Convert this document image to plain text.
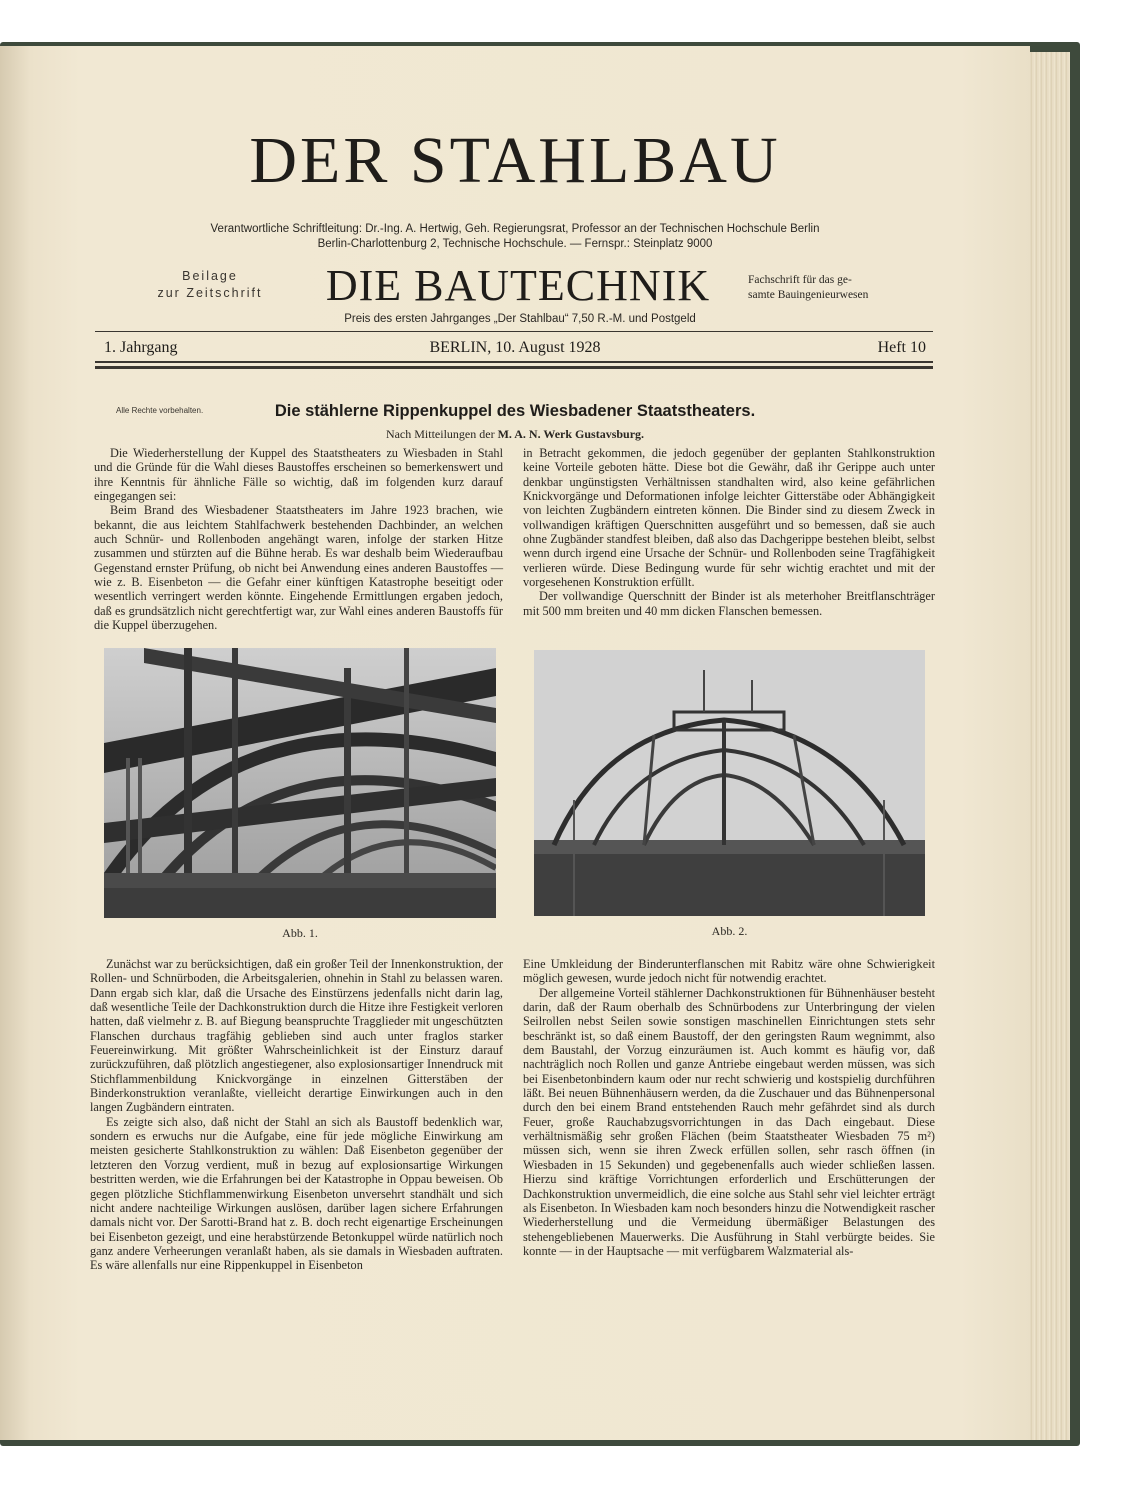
DER STAHLBAU
Verantwortliche Schriftleitung: Dr.-Ing. A. Hertwig, Geh. Regierungsrat, Professor an der Technischen Hochschule Berlin
Berlin-Charlottenburg 2, Technische Hochschule. — Fernspr.: Steinplatz 9000
Beilage
zur Zeitschrift	DIE BAUTECHNIK	Fachschrift für das ge-
samte Bauingenieurwesen
Preis des ersten Jahrganges „Der Stahlbau“ 7,50 R.-M. und Postgeld
1. Jahrgang	BERLIN, 10. August 1928	Heft 10
Alle Rechte vorbehalten.	Die stählerne Rippenkuppel des Wiesbadener Staatstheaters.
Nach Mitteilungen der M. A. N. Werk Gustavsburg.

Die Wiederherstellung der Kuppel des Staatstheaters zu Wiesbaden in Stahl und die Gründe für die Wahl dieses Baustoffes erscheinen so bemerkenswert und ihre Kenntnis für ähnliche Fälle so wichtig, daß im folgenden kurz darauf eingegangen sei:

Beim Brand des Wiesbadener Staatstheaters im Jahre 1923 brachen, wie bekannt, die aus leichtem Stahlfachwerk bestehenden Dachbinder, an welchen auch Schnür- und Rollenboden angehängt waren, infolge der starken Hitze zusammen und stürzten auf die Bühne herab. Es war deshalb beim Wiederaufbau Gegenstand ernster Prüfung, ob nicht bei Anwendung eines anderen Baustoffes — wie z. B. Eisenbeton — die Gefahr einer künftigen Katastrophe beseitigt oder wesentlich verringert werden könnte. Eingehende Ermittlungen ergaben jedoch, daß es grundsätzlich nicht gerechtfertigt war, zur Wahl eines anderen Baustoffs für die Kuppel überzugehen.

in Betracht gekommen, die jedoch gegenüber der geplanten Stahlkonstruktion keine Vorteile geboten hätte. Diese bot die Gewähr, daß ihr Gerippe auch unter denkbar ungünstigsten Verhältnissen standhalten wird, also keine gefährlichen Knickvorgänge und Deformationen infolge leichter Gitterstäbe oder Abhängigkeit von leichten Zugbändern eintreten können. Die Binder sind zu diesem Zweck in vollwandigen kräftigen Querschnitten ausgeführt und so bemessen, daß sie auch ohne Zugbänder standfest bleiben, daß also das Dachgerippe bestehen bleibt, selbst wenn durch irgend eine Ursache der Schnür- und Rollenboden seine Tragfähigkeit verlieren würde. Diese Bedingung wurde für sehr wichtig erachtet und mit der vorgesehenen Konstruktion erfüllt.

Der vollwandige Querschnitt der Binder ist als meterhoher Breitflanschträger mit 500 mm breiten und 40 mm dicken Flanschen bemessen.

Abb. 1.	Abb. 2.

Zunächst war zu berücksichtigen, daß ein großer Teil der Innenkonstruktion, der Rollen- und Schnürboden, die Arbeitsgalerien, ohnehin in Stahl zu belassen waren. Dann ergab sich klar, daß die Ursache des Einstürzens jedenfalls nicht darin lag, daß wesentliche Teile der Dachkonstruktion durch die Hitze ihre Festigkeit verloren hatten, daß vielmehr z. B. auf Biegung beanspruchte Tragglieder mit ungeschützten Flanschen durchaus tragfähig geblieben sind auch unter fraglos starker Feuereinwirkung. Mit größter Wahrscheinlichkeit ist der Einsturz darauf zurückzuführen, daß plötzlich angestiegener, also explosionsartiger Innendruck mit Stichflammenbildung Knickvorgänge in einzelnen Gitterstäben der Binderkonstruktion veranlaßte, vielleicht derartige Einwirkungen auch in den langen Zugbändern eintraten.

Es zeigte sich also, daß nicht der Stahl an sich als Baustoff bedenklich war, sondern es erwuchs nur die Aufgabe, eine für jede mögliche Einwirkung am meisten gesicherte Stahlkonstruktion zu wählen: Daß Eisenbeton gegenüber der letzteren den Vorzug verdient, muß in bezug auf explosionsartige Wirkungen bestritten werden, wie die Erfahrungen bei der Katastrophe in Oppau beweisen. Ob gegen plötzliche Stichflammenwirkung Eisenbeton unversehrt standhält und sich nicht andere nachteilige Wirkungen auslösen, darüber lagen sichere Erfahrungen damals nicht vor. Der Sarotti-Brand hat z. B. doch recht eigenartige Erscheinungen bei Eisenbeton gezeigt, und eine herabstürzende Betonkuppel würde natürlich noch ganz andere Verheerungen veranlaßt haben, als sie damals in Wiesbaden auftraten. Es wäre allenfalls nur eine Rippenkuppel in Eisenbeton

Eine Umkleidung der Binderunterflanschen mit Rabitz wäre ohne Schwierigkeit möglich gewesen, wurde jedoch nicht für notwendig erachtet.

Der allgemeine Vorteil stählerner Dachkonstruktionen für Bühnenhäuser besteht darin, daß der Raum oberhalb des Schnürbodens zur Unterbringung der vielen Seilrollen nebst Seilen sowie sonstigen maschinellen Einrichtungen stets sehr beschränkt ist, so daß einem Baustoff, der den geringsten Raum wegnimmt, also dem Baustahl, der Vorzug einzuräumen ist. Auch kommt es häufig vor, daß nachträglich noch Rollen und ganze Antriebe eingebaut werden müssen, was sich bei Eisenbetonbindern kaum oder nur recht schwierig und kostspielig durchführen läßt. Bei neuen Bühnenhäusern werden, da die Zuschauer und das Bühnenpersonal durch den bei einem Brand entstehenden Rauch mehr gefährdet sind als durch Feuer, große Rauchabzugsvorrichtungen in das Dach eingebaut. Diese verhältnismäßig sehr großen Flächen (beim Staatstheater Wiesbaden 75 m²) müssen sich, wenn sie ihren Zweck erfüllen sollen, sehr rasch öffnen (in Wiesbaden in 15 Sekunden) und gegebenenfalls auch wieder schließen lassen. Hierzu sind kräftige Vorrichtungen erforderlich und Erschütterungen der Dachkonstruktion unvermeidlich, die eine solche aus Stahl sehr viel leichter erträgt als Eisenbeton. In Wiesbaden kam noch besonders hinzu die Notwendigkeit rascher Wiederherstellung und die Vermeidung übermäßiger Belastungen des stehengebliebenen Mauerwerks. Die Ausführung in Stahl verbürgte beides. Sie konnte — in der Hauptsache — mit verfügbarem Walzmaterial als-
